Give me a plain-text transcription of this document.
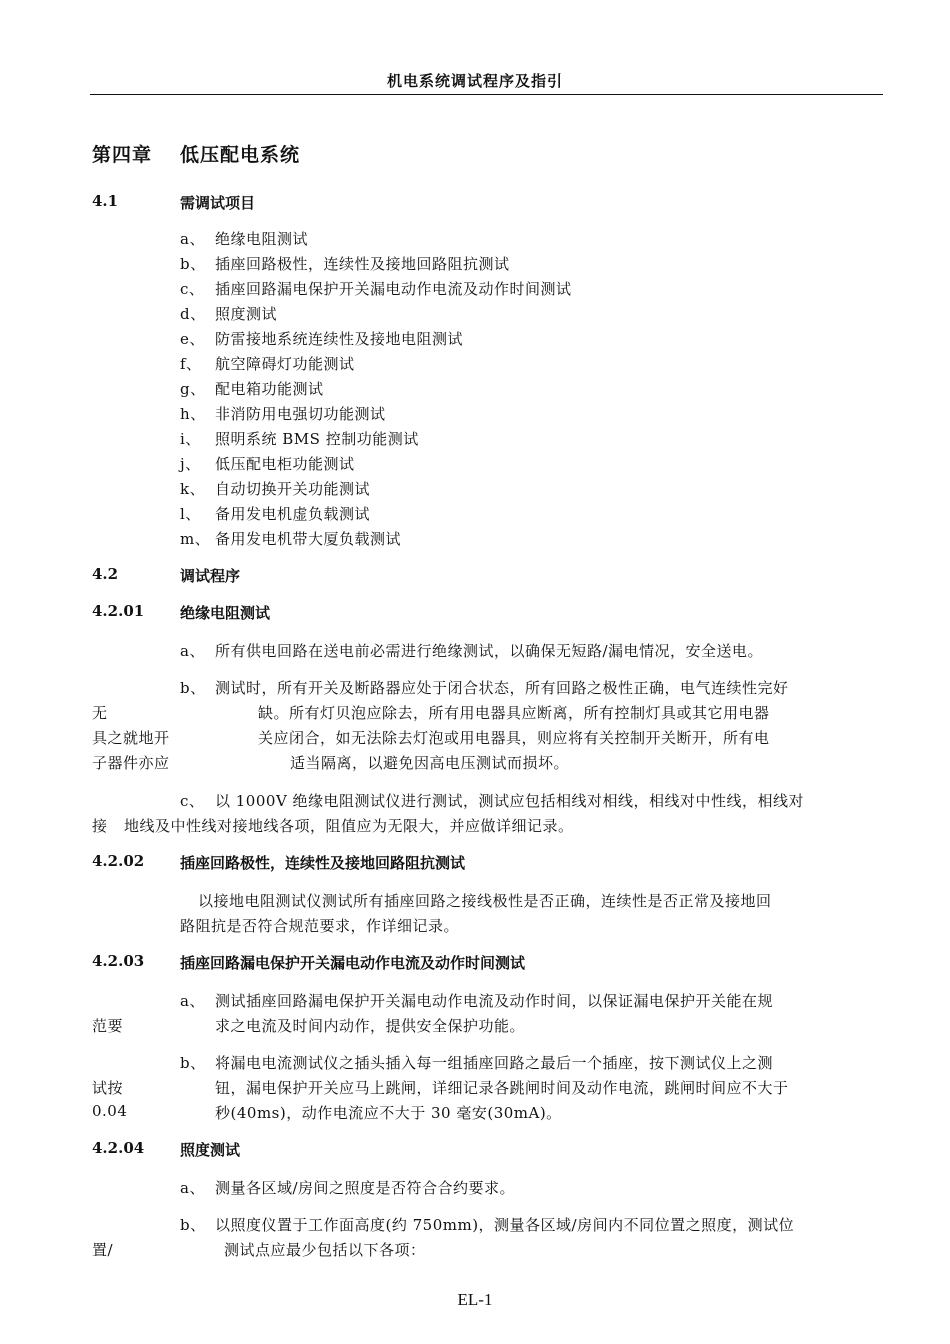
机电系统调试程序及指引
第四章 低压配电系统
4.1	需调试项目
a、 绝缘电阻测试
b、 插座回路极性，连续性及接地回路阻抗测试
c、 插座回路漏电保护开关漏电动作电流及动作时间测试
d、 照度测试
e、 防雷接地系统连续性及接地电阻测试
f、 航空障碍灯功能测试
g、 配电箱功能测试
h、 非消防用电强切功能测试
i、 照明系统 BMS 控制功能测试
j、 低压配电柜功能测试
k、 自动切换开关功能测试
l、 备用发电机虚负载测试
m、 备用发电机带大厦负载测试
4.2	调试程序
4.2.01 绝缘电阻测试
a、 所有供电回路在送电前必需进行绝缘测试，以确保无短路/漏电情况，安全送电。
b、 测试时，所有开关及断路器应处于闭合状态，所有回路之极性正确，电气连续性完好
无	缺。所有灯贝泡应除去，所有用电器具应断离，所有控制灯具或其它用电器
具之就地开	关应闭合，如无法除去灯泡或用电器具，则应将有关控制开关断开，所有电
子器件亦应	适当隔离，以避免因高电压测试而损坏。
c、 以 1000V 绝缘电阻测试仪进行测试，测试应包括相线对相线，相线对中性线，相线对
接 地线及中性线对接地线各项，阻值应为无限大，并应做详细记录。
4.2.02 插座回路极性，连续性及接地回路阻抗测试
以接地电阻测试仪测试所有插座回路之接线极性是否正确，连续性是否正常及接地回
路阻抗是否符合规范要求，作详细记录。
4.2.03 插座回路漏电保护开关漏电动作电流及动作时间测试
a、 测试插座回路漏电保护开关漏电动作电流及动作时间，以保证漏电保护开关能在规
范要	求之电流及时间内动作，提供安全保护功能。
b、 将漏电电流测试仪之插头插入每一组插座回路之最后一个插座，按下测试仪上之测
试按	钮，漏电保护开关应马上跳闸，详细记录各跳闸时间及动作电流，跳闸时间应不大于
0.04	秒(40ms)，动作电流应不大于 30 毫安(30mA)。
4.2.04 照度测试
a、 测量各区域/房间之照度是否符合合约要求。
b、 以照度仪置于工作面高度(约 750mm)，测量各区域/房间内不同位置之照度，测试位
置/	测试点应最少包括以下各项：
EL-1
